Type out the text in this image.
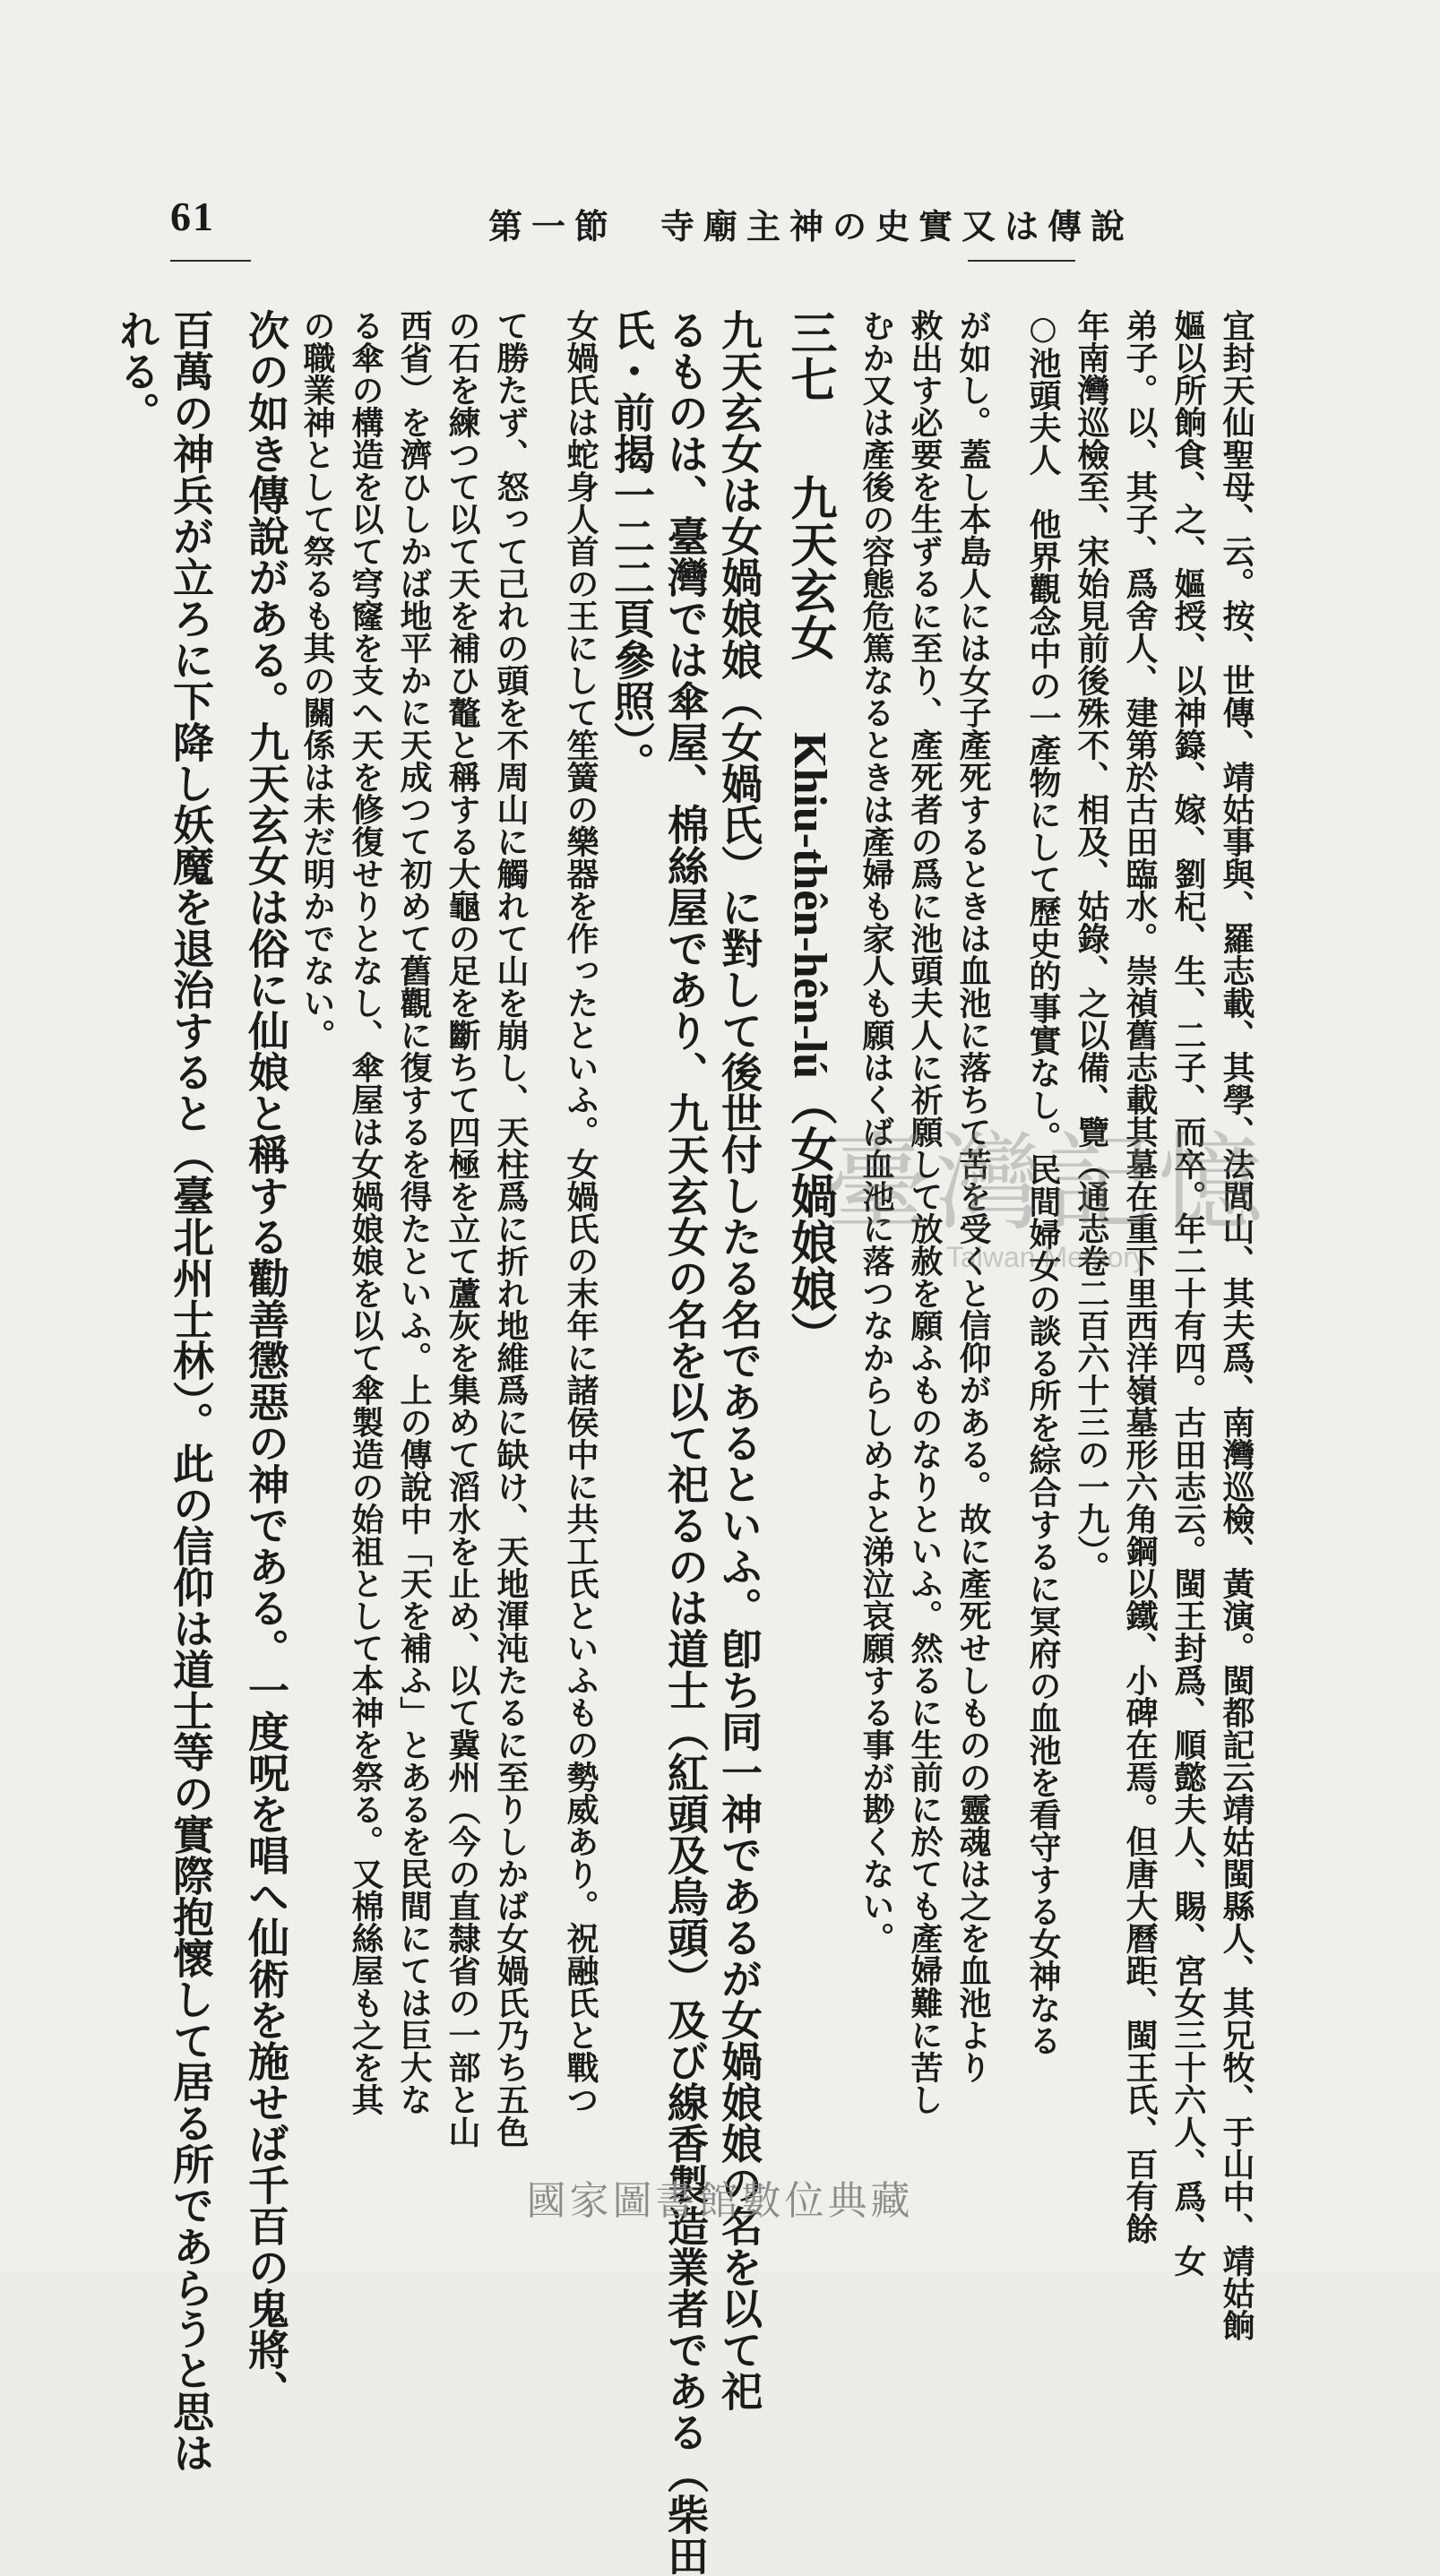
61	第一節　寺廟主神の史實又は傳說

宜封天仙聖母、云。按、世傳、靖姑事與、羅志載、其學、法閭山、其夫爲、南灣巡檢、黃演。閩都記云靖姑閩縣人、其兄牧、于山中、靖姑餉
嫗以所餉食、之、嫗授、以神籙、嫁、劉杞、生、二子、而卒。年二十有四。古田志云。閩王封爲、順懿夫人、賜、宮女三十六人、爲、女
弟子。以、其子、爲舍人、建第於古田臨水。崇禎舊志載其墓在重下里西洋嶺墓形六角鋼以鐵、小碑在焉。但唐大曆距、閩王氏、百有餘
年南灣巡檢至、宋始見前後殊不、相及、姑錄、之以備、覽（通志卷二百六十三の一九）。
○池頭夫人　他界觀念中の一產物にして歷史的事實なし。民間婦女の談る所を綜合するに冥府の血池を看守する女神なる
が如し。蓋し本島人には女子產死するときは血池に落ちて苦を受くと信仰がある。故に產死せしものの靈魂は之を血池より
救出す必要を生ずるに至り、產死者の爲に池頭夫人に祈願して放赦を願ふものなりといふ。然るに生前に於ても產婦難に苦し
むか又は產後の容態危篤なるときは產婦も家人も願はくば血池に落つなからしめよと涕泣哀願する事が尠くない。
三七　九天玄女　Khiu-thên-hên-lú（女媧娘娘）
九天玄女は女媧娘娘（女媧氏）に對して後世付したる名であるといふ。卽ち同一神であるが女媧娘娘の名を以て祀
るものは、臺灣では傘屋、棉絲屋であり、九天玄女の名を以て祀るのは道士（紅頭及烏頭）及び線香製造業者である（柴田
氏・前揭一二二頁參照）。
女媧氏は蛇身人首の王にして笙簧の樂器を作ったといふ。女媧氏の末年に諸侯中に共工氏といふもの勢威あり。祝融氏と戰つ
て勝たず、怒って己れの頭を不周山に觸れて山を崩し、天柱爲に折れ地維爲に缺け、天地渾沌たるに至りしかば女媧氏乃ち五色
の石を練つて以て天を補ひ鼇と稱する大龜の足を斷ちて四極を立て蘆灰を集めて滔水を止め、以て冀州（今の直隸省の一部と山
西省）を濟ひしかば地平かに天成つて初めて舊觀に復するを得たといふ。上の傳說中「天を補ふ」とあるを民間にては巨大な
る傘の構造を以て穹窿を支へ天を修復せりとなし、傘屋は女媧娘娘を以て傘製造の始祖として本神を祭る。又棉絲屋も之を其
の職業神として祭るも其の關係は未だ明かでない。
次の如き傳說がある。九天玄女は俗に仙娘と稱する勸善懲惡の神である。一度呪を唱へ仙術を施せば千百の鬼將、
百萬の神兵が立ろに下降し妖魔を退治すると（臺北州士林）。此の信仰は道士等の實際抱懷して居る所であらうと思は
れる。
臺灣記憶
Taiwan Memory
國家圖書館數位典藏
